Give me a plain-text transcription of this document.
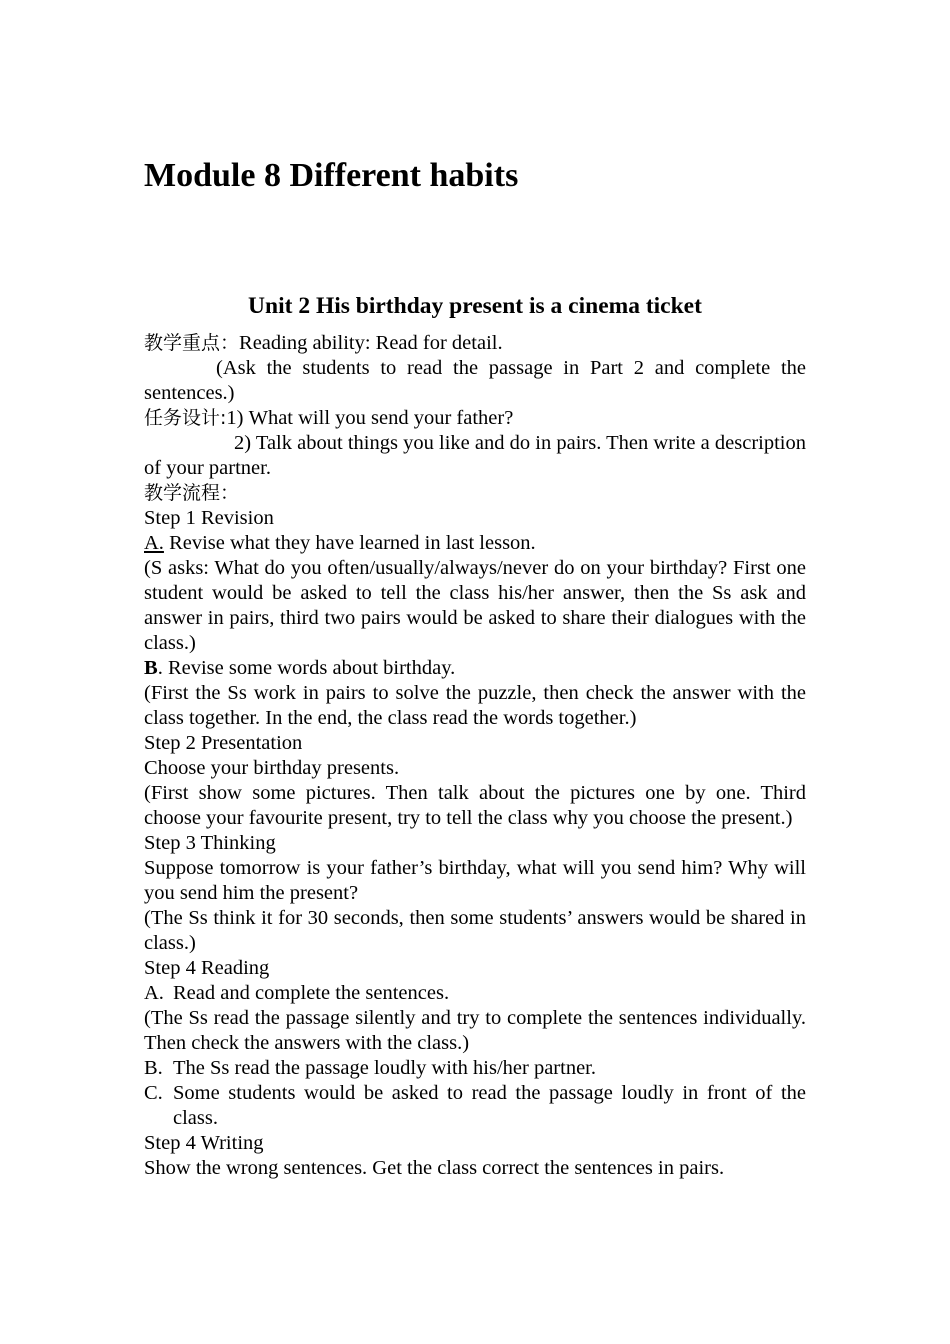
Module 8 Different habits
Unit 2 His birthday present is a cinema ticket

教学重点：Reading ability: Read for detail.

(Ask the students to read the passage in Part 2 and complete the sentences.)

任务设计:1) What will you send your father?

2) Talk about things you like and do in pairs. Then write a description of your partner.

教学流程：

Step 1 Revision

A. Revise what they have learned in last lesson.

(S asks: What do you often/usually/always/never do on your birthday? First one student would be asked to tell the class his/her answer, then the Ss ask and answer in pairs, third two pairs would be asked to share their dialogues with the class.)

B. Revise some words about birthday.

(First the Ss work in pairs to solve the puzzle, then check the answer with the class together. In the end, the class read the words together.)

Step 2 Presentation

Choose your birthday presents.

(First show some pictures. Then talk about the pictures one by one. Third choose your favourite present, try to tell the class why you choose the present.)

Step 3 Thinking

Suppose tomorrow is your father’s birthday, what will you send him? Why will you send him the present?

(The Ss think it for 30 seconds, then some students’ answers would be shared in class.)

Step 4 Reading

A. Read and complete the sentences.

(The Ss read the passage silently and try to complete the sentences individually. Then check the answers with the class.)

B. The Ss read the passage loudly with his/her partner.
C. Some students would be asked to read the passage loudly in front of the class.

Step 4 Writing

Show the wrong sentences. Get the class correct the sentences in pairs.
